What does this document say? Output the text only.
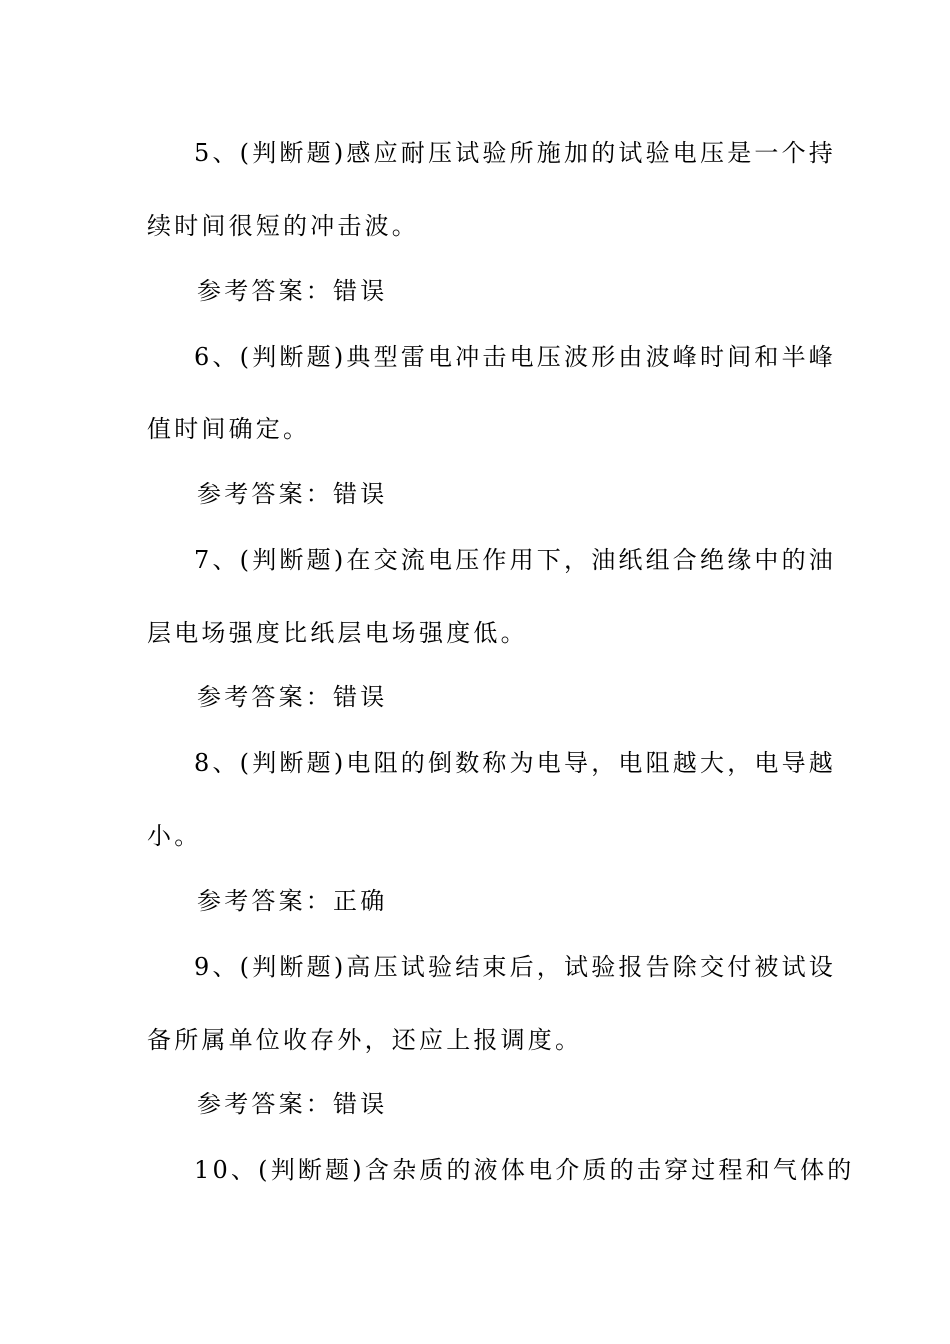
5、(判断题)感应耐压试验所施加的试验电压是一个持
续时间很短的冲击波。
参考答案：错误
6、(判断题)典型雷电冲击电压波形由波峰时间和半峰
值时间确定。
参考答案：错误
7、(判断题)在交流电压作用下，油纸组合绝缘中的油
层电场强度比纸层电场强度低。
参考答案：错误
8、(判断题)电阻的倒数称为电导，电阻越大，电导越
小。
参考答案：正确
9、(判断题)高压试验结束后，试验报告除交付被试设
备所属单位收存外，还应上报调度。
参考答案：错误
10、(判断题)含杂质的液体电介质的击穿过程和气体的
